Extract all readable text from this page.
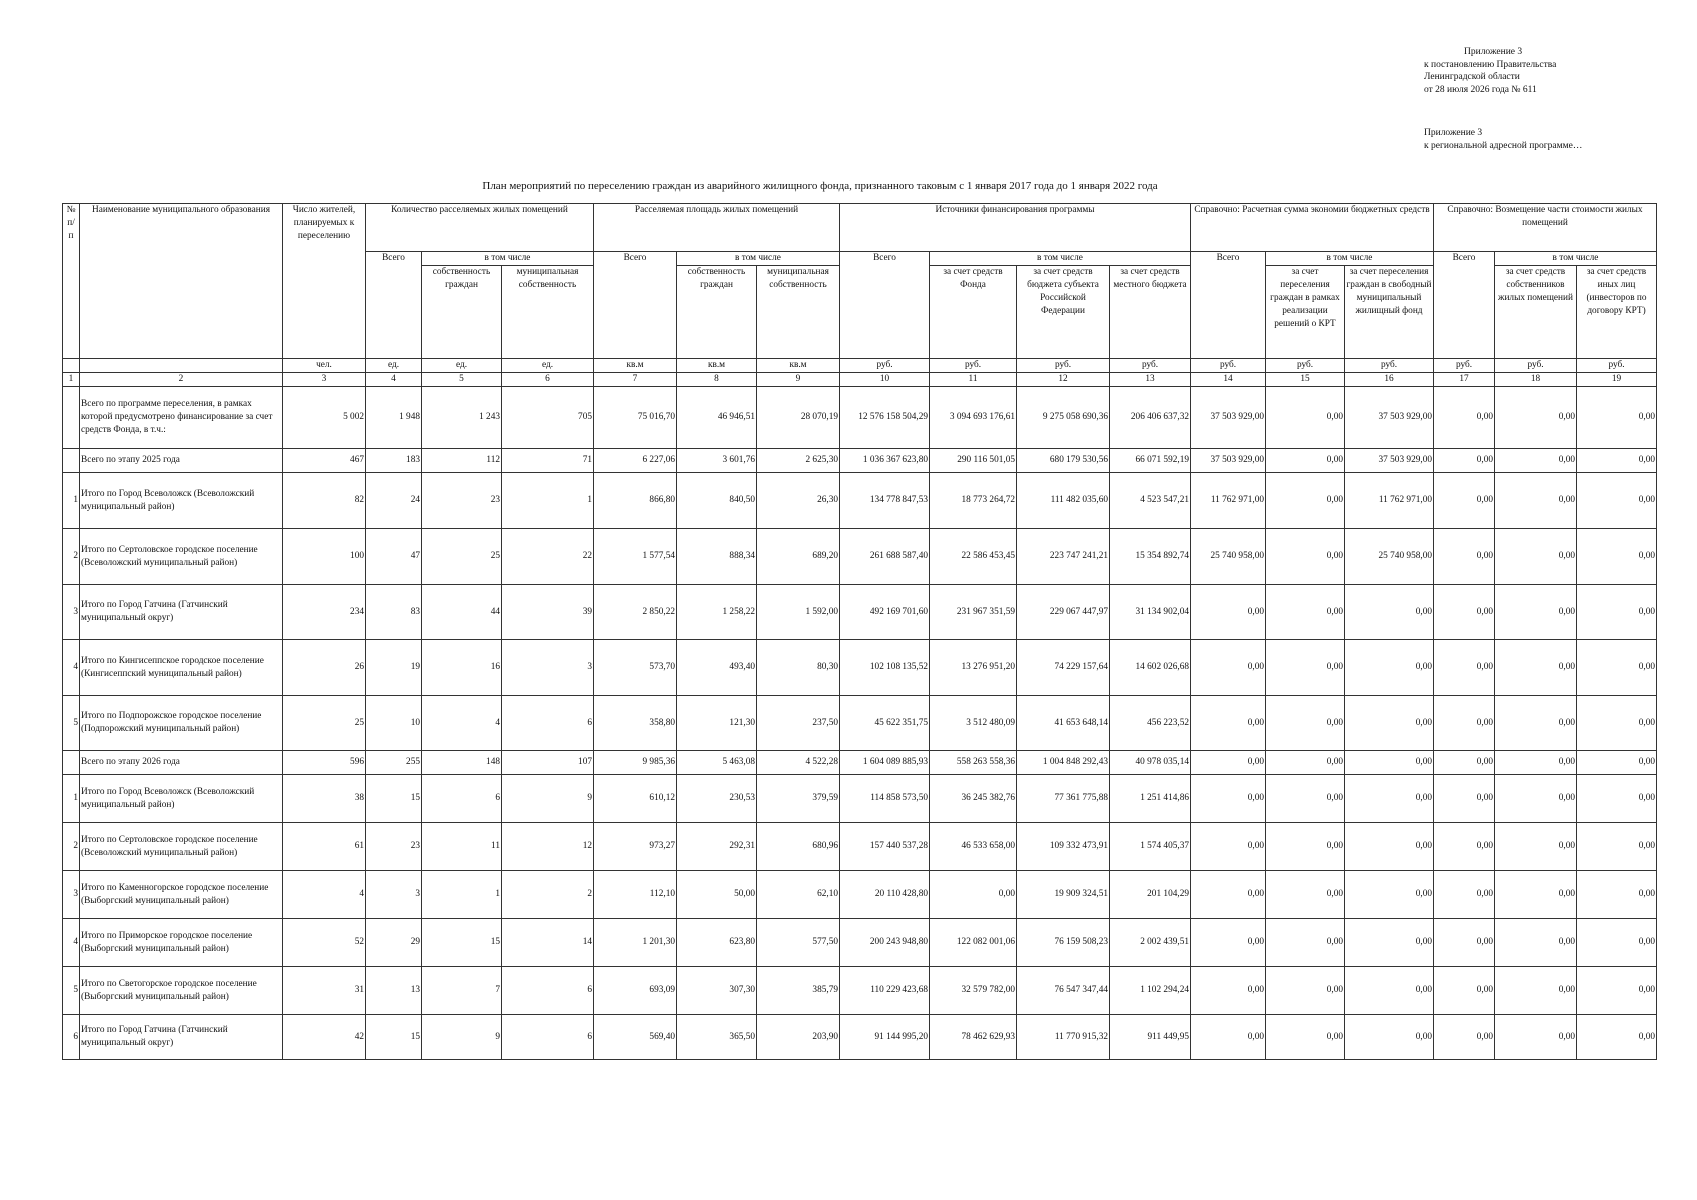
Приложение 3
к постановлению Правительства
Ленинградской области
от 28 июля 2026 года № 611
Приложение 3
к региональной адресной программе…
План мероприятий по переселению граждан из аварийного жилищного фонда, признанного таковым с 1 января 2017 года до 1 января 2022 года
№ п/ п	Наименование муниципального образования	Число жителей, планируемых к переселению	Количество расселяемых жилых помещений			Расселяемая площадь жилых помещений			Источники финансирования программы				Справочно: Расчетная сумма экономии бюджетных средств			Справочно: Возмещение части стоимости жилых помещений		
			Всего	в том числе		Всего	в том числе		Всего	в том числе			Всего	в том числе		Всего	в том числе	
				собственность граждан	муниципальная собственность		собственность граждан	муниципальная собственность		за счет средств Фонда	за счет средств бюджета субъекта Российской Федерации	за счет средств местного бюджета		за счет переселения граждан в рамках реализации решений о КРТ	за счет переселения граждан в свободный муниципальный жилищный фонд		за счет средств собственников жилых помещений	за счет средств иных лиц (инвесторов по договору КРТ)
		чел.	ед.	ед.	ед.	кв.м	кв.м	кв.м	руб.	руб.	руб.	руб.	руб.	руб.	руб.	руб.	руб.	руб.
1	2	3	4	5	6	7	8	9	10	11	12	13	14	15	16	17	18	19
	Всего по программе переселения, в рамках которой предусмотрено финансирование за счет средств Фонда, в т.ч.:	5 002	1 948	1 243	705	75 016,70	46 946,51	28 070,19	12 576 158 504,29	3 094 693 176,61	9 275 058 690,36	206 406 637,32	37 503 929,00	0,00	37 503 929,00	0,00	0,00	0,00
	Всего по этапу 2025 года	467	183	112	71	6 227,06	3 601,76	2 625,30	1 036 367 623,80	290 116 501,05	680 179 530,56	66 071 592,19	37 503 929,00	0,00	37 503 929,00	0,00	0,00	0,00
1	Итого по Город Всеволожск (Всеволожский муниципальный район)	82	24	23	1	866,80	840,50	26,30	134 778 847,53	18 773 264,72	111 482 035,60	4 523 547,21	11 762 971,00	0,00	11 762 971,00	0,00	0,00	0,00
2	Итого по Сертоловское городское поселение (Всеволожский муниципальный район)	100	47	25	22	1 577,54	888,34	689,20	261 688 587,40	22 586 453,45	223 747 241,21	15 354 892,74	25 740 958,00	0,00	25 740 958,00	0,00	0,00	0,00
3	Итого по Город Гатчина (Гатчинский муниципальный округ)	234	83	44	39	2 850,22	1 258,22	1 592,00	492 169 701,60	231 967 351,59	229 067 447,97	31 134 902,04	0,00	0,00	0,00	0,00	0,00	0,00
4	Итого по Кингисеппское городское поселение (Кингисеппский муниципальный район)	26	19	16	3	573,70	493,40	80,30	102 108 135,52	13 276 951,20	74 229 157,64	14 602 026,68	0,00	0,00	0,00	0,00	0,00	0,00
5	Итого по Подпорожское городское поселение (Подпорожский муниципальный район)	25	10	4	6	358,80	121,30	237,50	45 622 351,75	3 512 480,09	41 653 648,14	456 223,52	0,00	0,00	0,00	0,00	0,00	0,00
	Всего по этапу 2026 года	596	255	148	107	9 985,36	5 463,08	4 522,28	1 604 089 885,93	558 263 558,36	1 004 848 292,43	40 978 035,14	0,00	0,00	0,00	0,00	0,00	0,00
1	Итого по Город Всеволожск (Всеволожский муниципальный район)	38	15	6	9	610,12	230,53	379,59	114 858 573,50	36 245 382,76	77 361 775,88	1 251 414,86	0,00	0,00	0,00	0,00	0,00	0,00
2	Итого по Сертоловское городское поселение (Всеволожский муниципальный район)	61	23	11	12	973,27	292,31	680,96	157 440 537,28	46 533 658,00	109 332 473,91	1 574 405,37	0,00	0,00	0,00	0,00	0,00	0,00
3	Итого по Каменногорское городское поселение (Выборгский муниципальный район)	4	3	1	2	112,10	50,00	62,10	20 110 428,80	0,00	19 909 324,51	201 104,29	0,00	0,00	0,00	0,00	0,00	0,00
4	Итого по Приморское городское поселение (Выборгский муниципальный район)	52	29	15	14	1 201,30	623,80	577,50	200 243 948,80	122 082 001,06	76 159 508,23	2 002 439,51	0,00	0,00	0,00	0,00	0,00	0,00
5	Итого по Светогорское городское поселение (Выборгский муниципальный район)	31	13	7	6	693,09	307,30	385,79	110 229 423,68	32 579 782,00	76 547 347,44	1 102 294,24	0,00	0,00	0,00	0,00	0,00	0,00
6	Итого по Город Гатчина (Гатчинский муниципальный округ)	42	15	9	6	569,40	365,50	203,90	91 144 995,20	78 462 629,93	11 770 915,32	911 449,95	0,00	0,00	0,00	0,00	0,00	0,00
